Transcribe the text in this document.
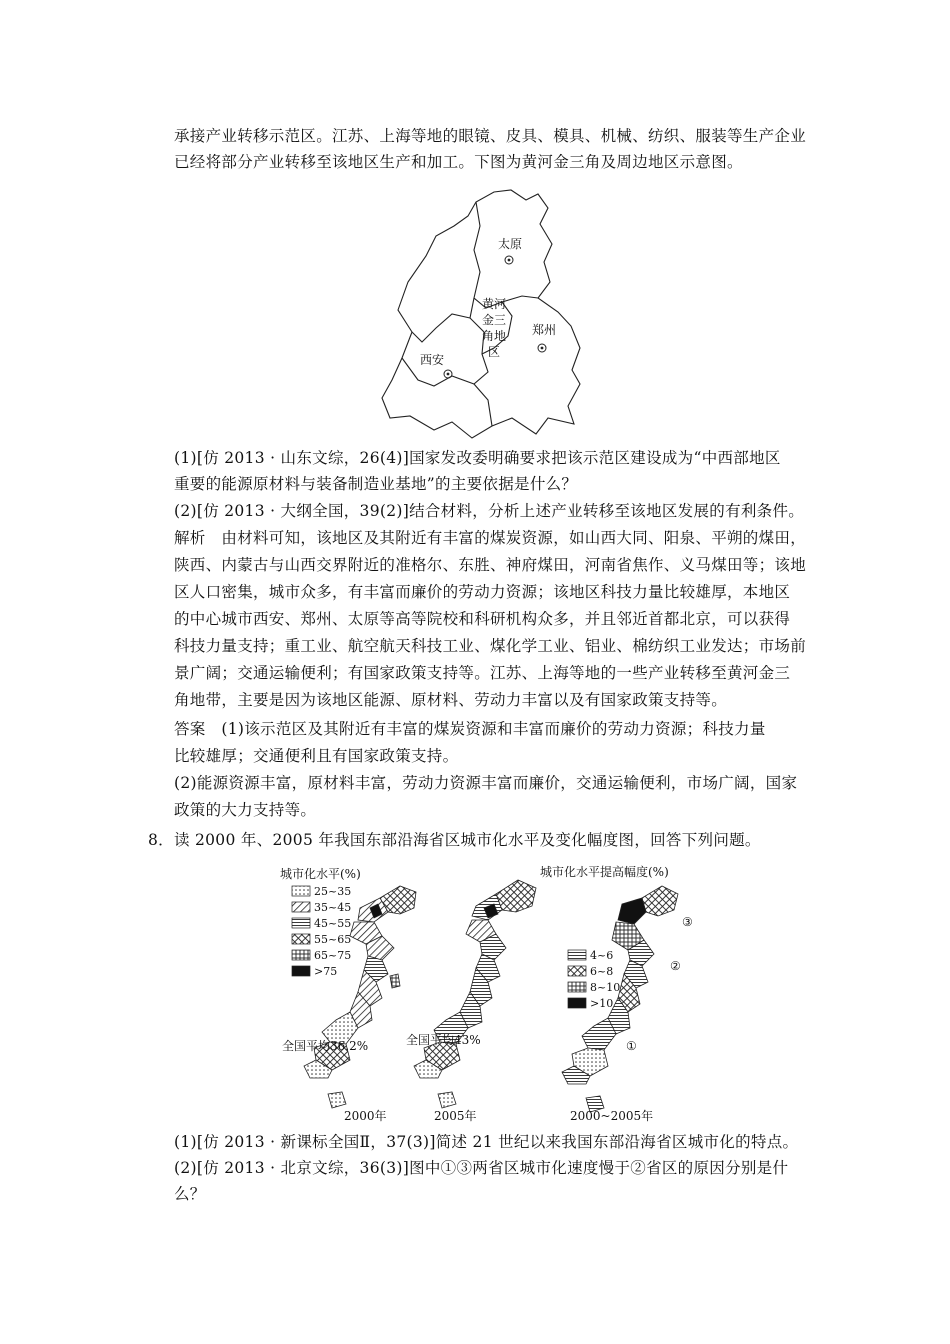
承接产业转移示范区。江苏、上海等地的眼镜、皮具、模具、机械、纺织、服装等生产企业
已经将部分产业转移至该地区生产和加工。下图为黄河金三角及周边地区示意图。
太原
郑州
西安
黄河
金三
角地
区
(1)[仿 2013 · 山东文综，26(4)]国家发改委明确要求把该示范区建设成为“中西部地区
重要的能源原材料与装备制造业基地”的主要依据是什么？
(2)[仿 2013 · 大纲全国，39(2)]结合材料，分析上述产业转移至该地区发展的有利条件。
解析　由材料可知，该地区及其附近有丰富的煤炭资源，如山西大同、阳泉、平朔的煤田，
陕西、内蒙古与山西交界附近的准格尔、东胜、神府煤田，河南省焦作、义马煤田等；该地
区人口密集，城市众多，有丰富而廉价的劳动力资源；该地区科技力量比较雄厚，本地区
的中心城市西安、郑州、太原等高等院校和科研机构众多，并且邻近首都北京，可以获得
科技力量支持；重工业、航空航天科技工业、煤化学工业、铝业、棉纺织工业发达；市场前
景广阔；交通运输便利；有国家政策支持等。江苏、上海等地的一些产业转移至黄河金三
角地带，主要是因为该地区能源、原材料、劳动力丰富以及有国家政策支持等。
答案　(1)该示范区及其附近有丰富的煤炭资源和丰富而廉价的劳动力资源；科技力量
比较雄厚；交通便利且有国家政策支持。
(2)能源资源丰富，原材料丰富，劳动力资源丰富而廉价，交通运输便利，市场广阔，国家
政策的大力支持等。
8．读 2000 年、2005 年我国东部沿海省区城市化水平及变化幅度图，回答下列问题。
城市化水平(%)
25~35
35~45
45~55
55~65
65~75
>75
全国平均36.2%
2000年
全国平均43%
2005年
城市化水平提高幅度(%)
4~6
6~8
8~10
>10
③
②
①
2000~2005年
(1)[仿 2013 · 新课标全国Ⅱ，37(3)]简述 21 世纪以来我国东部沿海省区城市化的特点。
(2)[仿 2013 · 北京文综，36(3)]图中①③两省区城市化速度慢于②省区的原因分别是什
么？
